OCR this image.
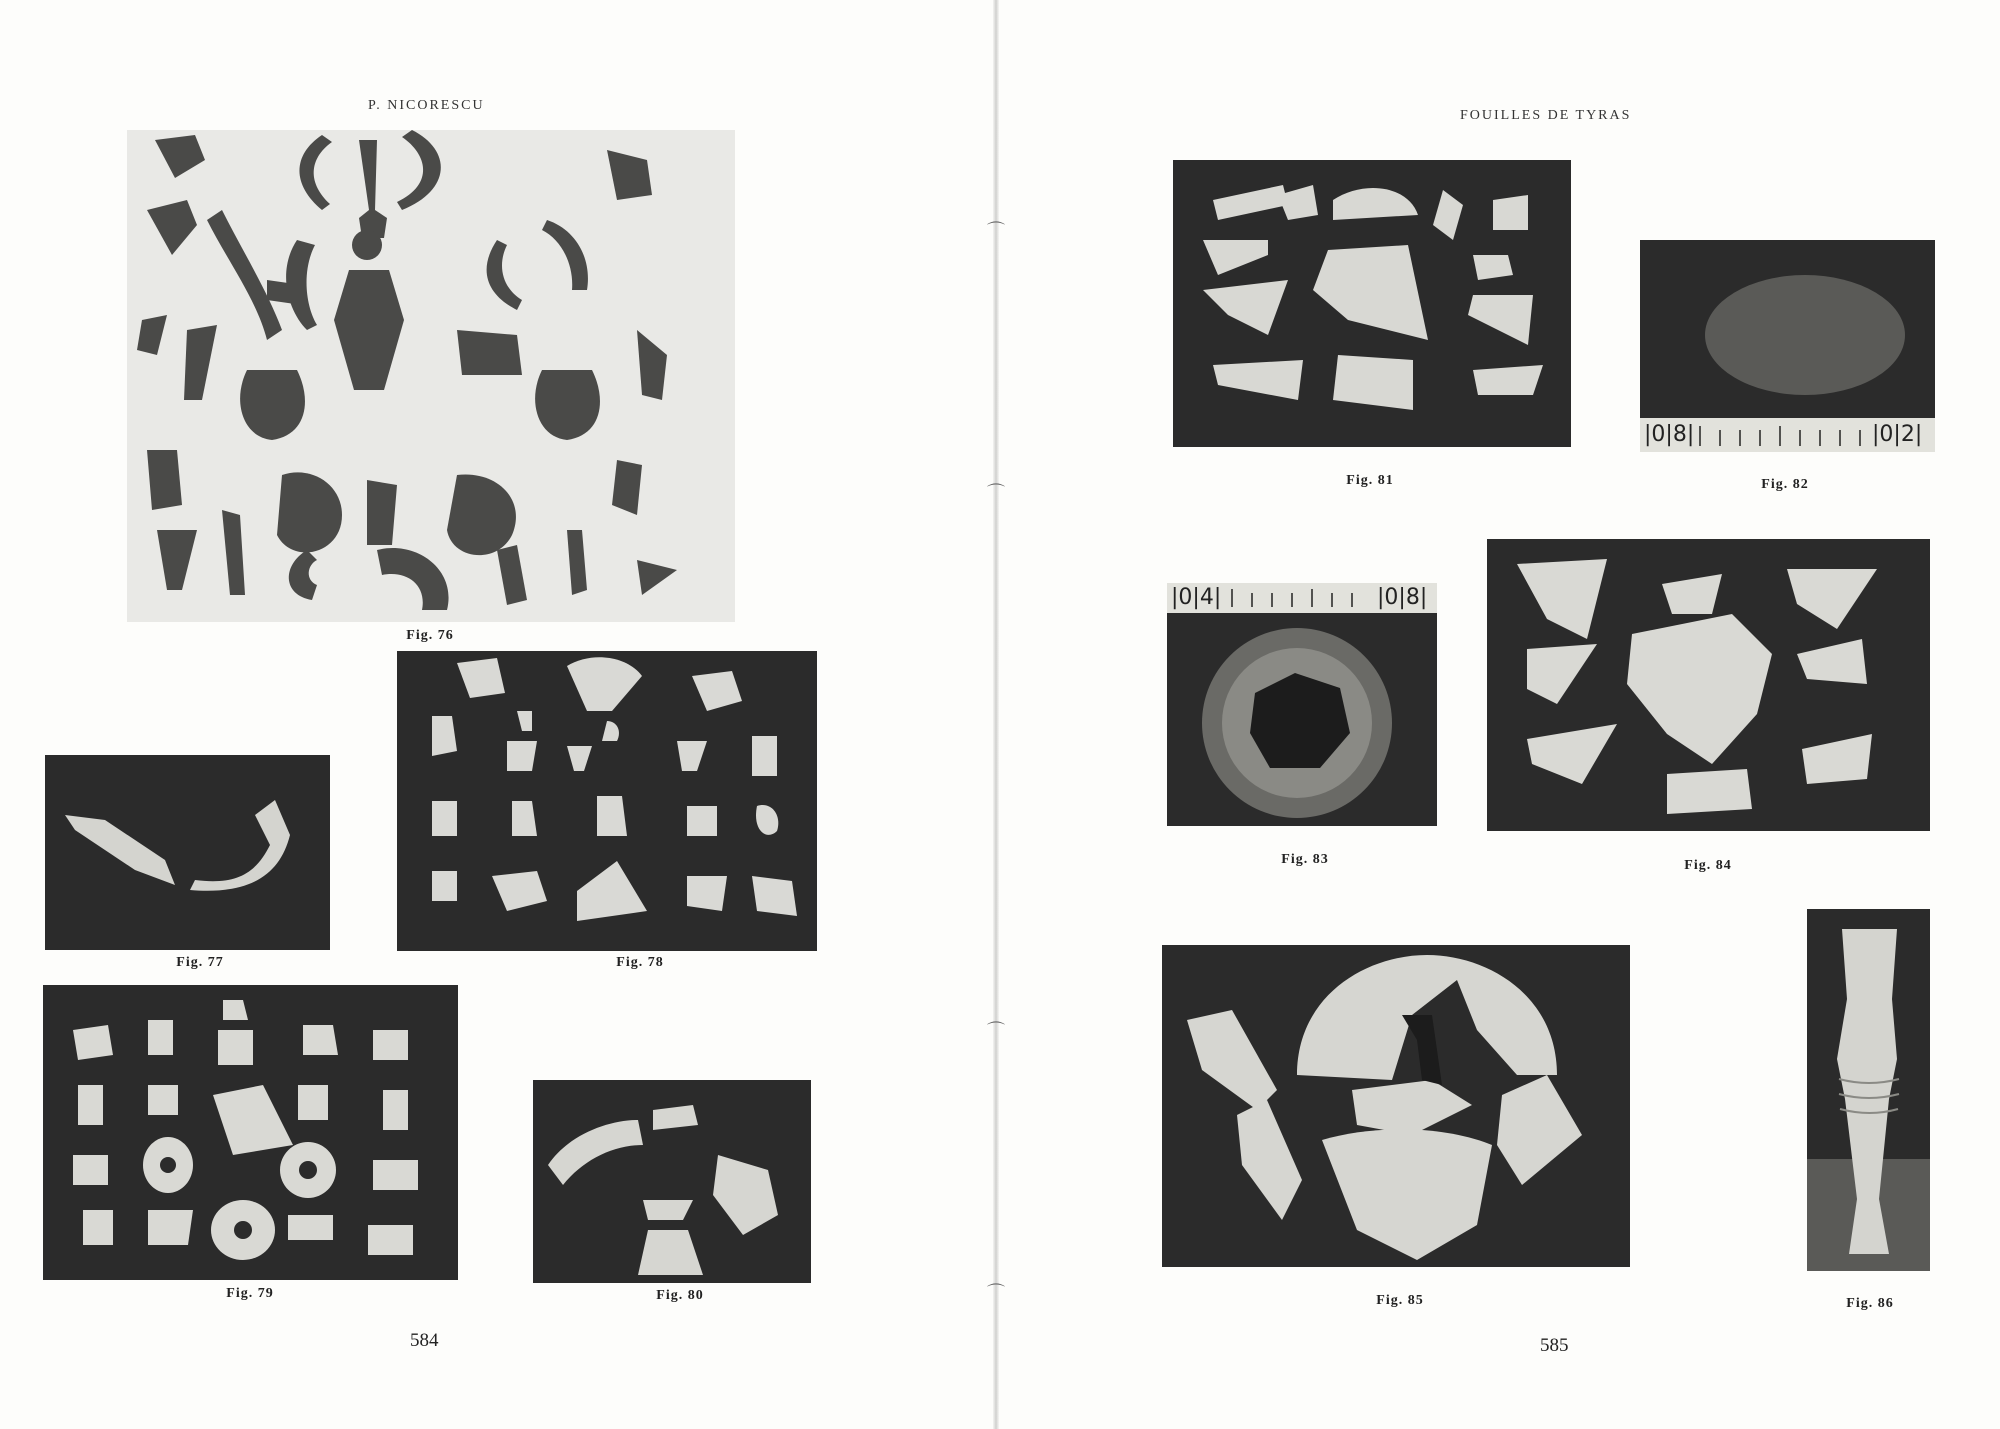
P. NICORESCU
Fig. 76
Fig. 78
Fig. 77
Fig. 79	Fig. 80
584
⌒
⌒
⌒
⌒
FOUILLES DE TYRAS
Fig. 81
|0|8|	|0|2|
Fig. 82
|0|4|	|0|8|
Fig. 83	Fig. 84
Fig. 85	Fig. 86
585
